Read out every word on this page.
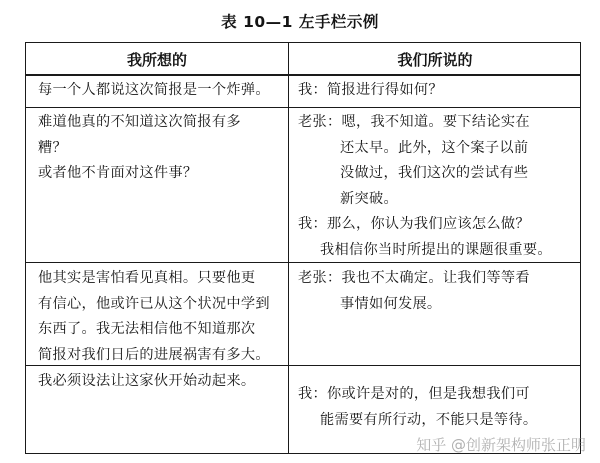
表 10—1 左手栏示例
我所想的	我们所说的
每一个人都说这次简报是一个炸弹。 我：简报进行得如何？
难道他真的不知道这次简报有多
糟？
或者他不肯面对这件事？
老张：嗯，我不知道。要下结论实在
还太早。此外，这个案子以前
没做过，我们这次的尝试有些
新突破。
我：那么，你认为我们应该怎么做？
我相信你当时所提出的课题很重要。
他其实是害怕看见真相。只要他更
有信心，他或许已从这个状况中学到
东西了。我无法相信他不知道那次
简报对我们日后的进展祸害有多大。
老张：我也不太确定。让我们等等看
事情如何发展。
我必须设法让这家伙开始动起来。
我：你或许是对的，但是我想我们可
能需要有所行动，不能只是等待。
知乎 @创新架构师张正明
